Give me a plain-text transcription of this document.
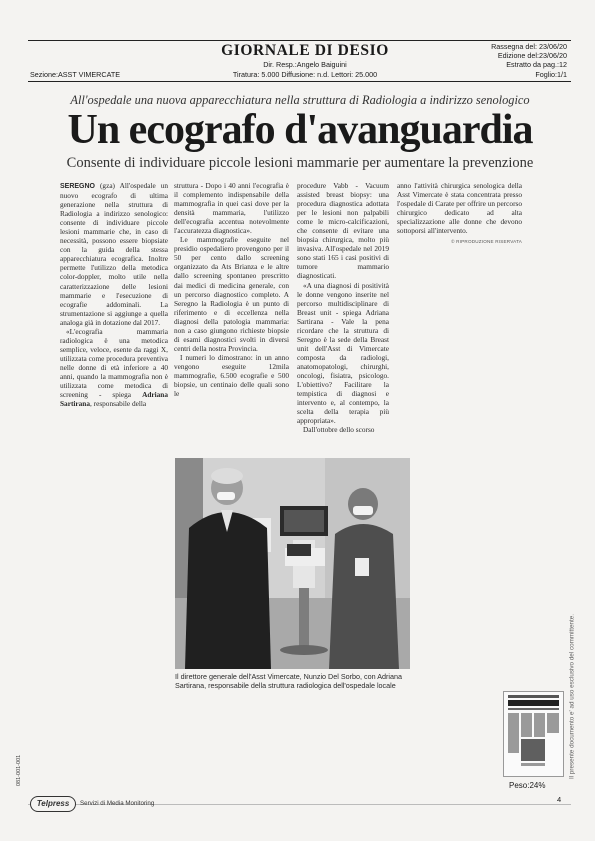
GIORNALE DI DESIO
Dir. Resp.:Angelo Baiguini
Tiratura: 5.000 Diffusione: n.d. Lettori: 25.000
Sezione:ASST VIMERCATE
Rassegna del: 23/06/20
Edizione del:23/06/20
Estratto da pag.:12
Foglio:1/1
All'ospedale una nuova apparecchiatura nella struttura di Radiologia a indirizzo senologico
Un ecografo d'avanguardia
Consente di individuare piccole lesioni mammarie per aumentare la prevenzione

SEREGNO (gza) All'ospedale un nuovo ecografo di ultima generazione nella struttura di Radiologia a indirizzo senologico: consente di individuare piccole lesioni mammarie che, in caso di necessità, possono essere biopsiate con la guida della stessa apparecchiatura ecografica. Inoltre permette l'utilizzo della metodica color-doppler, molto utile nella caratterizzazione delle lesioni mammarie e l'esecuzione di ecografie addominali. La strumentazione si aggiunge a quella analoga già in dotazione dal 2017.

«L'ecografia mammaria radiologica è una metodica semplice, veloce, esente da raggi X, utilizzata come procedura preventiva nelle donne di età inferiore a 40 anni, quando la mammografia non è utilizzata come metodica di screening - spiega Adriana Sartirana, responsabile della

struttura - Dopo i 40 anni l'ecografia è il complemento indispensabile della mammografia in quei casi dove per la densità mammaria, l'utilizzo dell'ecografia accentua notevolmente l'accuratezza diagnostica».

Le mammografie eseguite nel presidio ospedaliero provengono per il 50 per cento dallo screening organizzato da Ats Brianza e le altre dallo screening spontaneo prescritto dai medici di medicina generale, con un percorso diagnostico completo. A Seregno la Radiologia è un punto di riferimento e di eccellenza nella diagnosi della patologia mammaria: non a caso giungono richieste biopsie di esami diagnostici svolti in diversi centri della nostra Provincia.

I numeri lo dimostrano: in un anno vengono eseguite 12mila mammografie, 6.500 ecografie e 500 biopsie, un centinaio delle quali sono le

procedure Vabb - Vacuum assisted breast biopsy: una procedura diagnostica adottata per le lesioni non palpabili come le micro-calcificazioni, che consente di evitare una biopsia chirurgica, molto più invasiva. All'ospedale nel 2019 sono stati 165 i casi positivi di tumore mammario diagnosticati.

«A una diagnosi di positività le donne vengono inserite nel percorso multidisciplinare di Breast unit - spiega Adriana Sartirana - Vale la pena ricordare che la struttura di Seregno è la sede della Breast unit dell'Asst di Vimercate composta da radiologi, anatomopatologi, chirurghi, oncologi, fisiatra, psicologo. L'obiettivo? Facilitare la tempistica di diagnosi e intervento e, al contempo, la scelta della terapia più appropriata».

Dall'ottobre dello scorso

anno l'attività chirurgica senologica della Asst Vimercate è stata concentrata presso l'ospedale di Carate per offrire un percorso chirurgico dedicato ad alta specializzazione alle donne che devono sottoporsi all'intervento.

© RIPRODUZIONE RISERVATA
Il direttore generale dell'Asst Vimercate, Nunzio Del Sorbo, con Adriana Sartirana, responsabile della struttura radiologica dell'ospedale locale
Peso:24%
4
Telpress	Servizi di Media Monitoring
081-001-001	Il presente documento e' ad uso esclusivo del committente.
